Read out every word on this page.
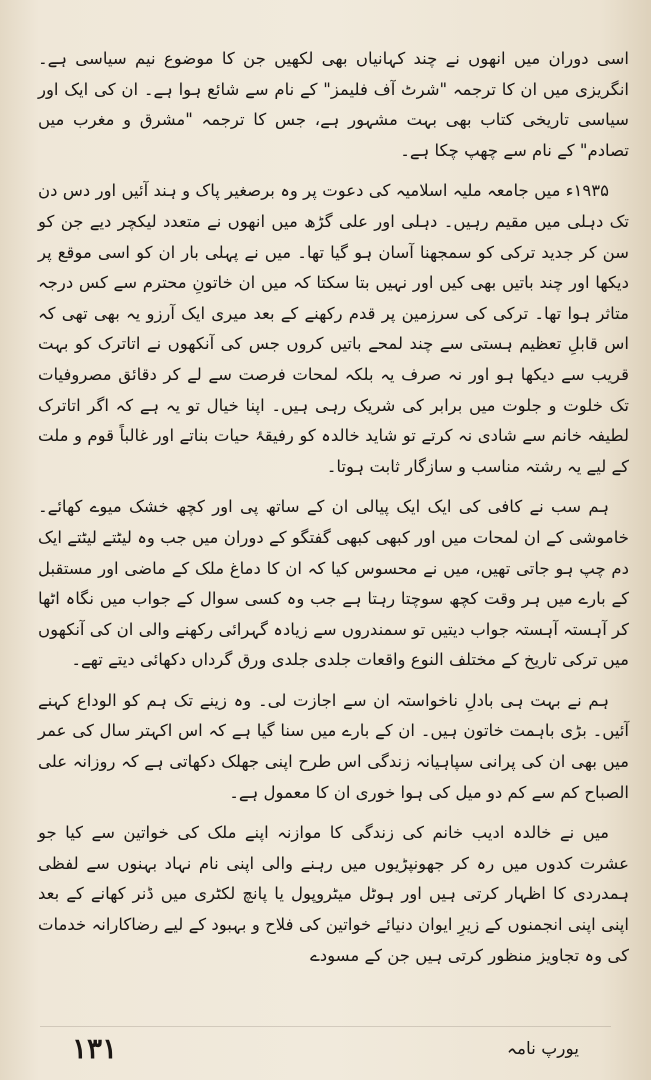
اسی دوران میں انھوں نے چند کہانیاں بھی لکھیں جن کا موضوع نیم سیاسی ہے۔ انگریزی میں ان کا ترجمہ "شرٹ آف فلیمز" کے نام سے شائع ہوا ہے۔ ان کی ایک اور سیاسی تاریخی کتاب بھی بہت مشہور ہے، جس کا ترجمہ "مشرق و مغرب میں تصادم" کے نام سے چھپ چکا ہے۔

۱۹۳۵ء میں جامعہ ملیہ اسلامیہ کی دعوت پر وہ برصغیر پاک و ہند آئیں اور دس دن تک دہلی میں مقیم رہیں۔ دہلی اور علی گڑھ میں انھوں نے متعدد لیکچر دیے جن کو سن کر جدید ترکی کو سمجھنا آسان ہو گیا تھا۔ میں نے پہلی بار ان کو اسی موقع پر دیکھا اور چند باتیں بھی کیں اور نہیں بتا سکتا کہ میں ان خاتونِ محترم سے کس درجہ متاثر ہوا تھا۔ ترکی کی سرزمین پر قدم رکھنے کے بعد میری ایک آرزو یہ بھی تھی کہ اس قابلِ تعظیم ہستی سے چند لمحے باتیں کروں جس کی آنکھوں نے اتاترک کو بہت قریب سے دیکھا ہو اور نہ صرف یہ بلکہ لمحات فرصت سے لے کر دقائق مصروفیات تک خلوت و جلوت میں برابر کی شریک رہی ہیں۔ اپنا خیال تو یہ ہے کہ اگر اتاترک لطیفہ خانم سے شادی نہ کرتے تو شاید خالدہ کو رفیقۂ حیات بناتے اور غالباً قوم و ملت کے لیے یہ رشتہ مناسب و سازگار ثابت ہوتا۔

ہم سب نے کافی کی ایک ایک پیالی ان کے ساتھ پی اور کچھ خشک میوے کھائے۔ خاموشی کے ان لمحات میں اور کبھی کبھی گفتگو کے دوران میں جب وہ لیٹتے لیٹتے ایک دم چپ ہو جاتی تھیں، میں نے محسوس کیا کہ ان کا دماغ ملک کے ماضی اور مستقبل کے بارے میں ہر وقت کچھ سوچتا رہتا ہے جب وہ کسی سوال کے جواب میں نگاہ اٹھا کر آہستہ آہستہ جواب دیتیں تو سمندروں سے زیادہ گہرائی رکھنے والی ان کی آنکھوں میں ترکی تاریخ کے مختلف النوع واقعات جلدی جلدی ورق گرداں دکھائی دیتے تھے۔

ہم نے بہت ہی بادلِ ناخواستہ ان سے اجازت لی۔ وہ زینے تک ہم کو الوداع کہنے آئیں۔ بڑی باہمت خاتون ہیں۔ ان کے بارے میں سنا گیا ہے کہ اس اکہتر سال کی عمر میں بھی ان کی پرانی سپاہیانہ زندگی اس طرح اپنی جھلک دکھاتی ہے کہ روزانہ علی الصباح کم سے کم دو میل کی ہوا خوری ان کا معمول ہے۔

میں نے خالدہ ادیب خانم کی زندگی کا موازنہ اپنے ملک کی خواتین سے کیا جو عشرت کدوں میں رہ کر جھونپڑیوں میں رہنے والی اپنی نام نہاد بہنوں سے لفظی ہمدردی کا اظہار کرتی ہیں اور ہوٹل میٹروپول یا پانچ لکٹری میں ڈنر کھانے کے بعد اپنی اپنی انجمنوں کے زیرِ ایوان دنیائے خواتین کی فلاح و بہبود کے لیے رضاکارانہ خدمات کی وہ تجاویز منظور کرتی ہیں جن کے مسودے

١٣١	یورپ نامہ
